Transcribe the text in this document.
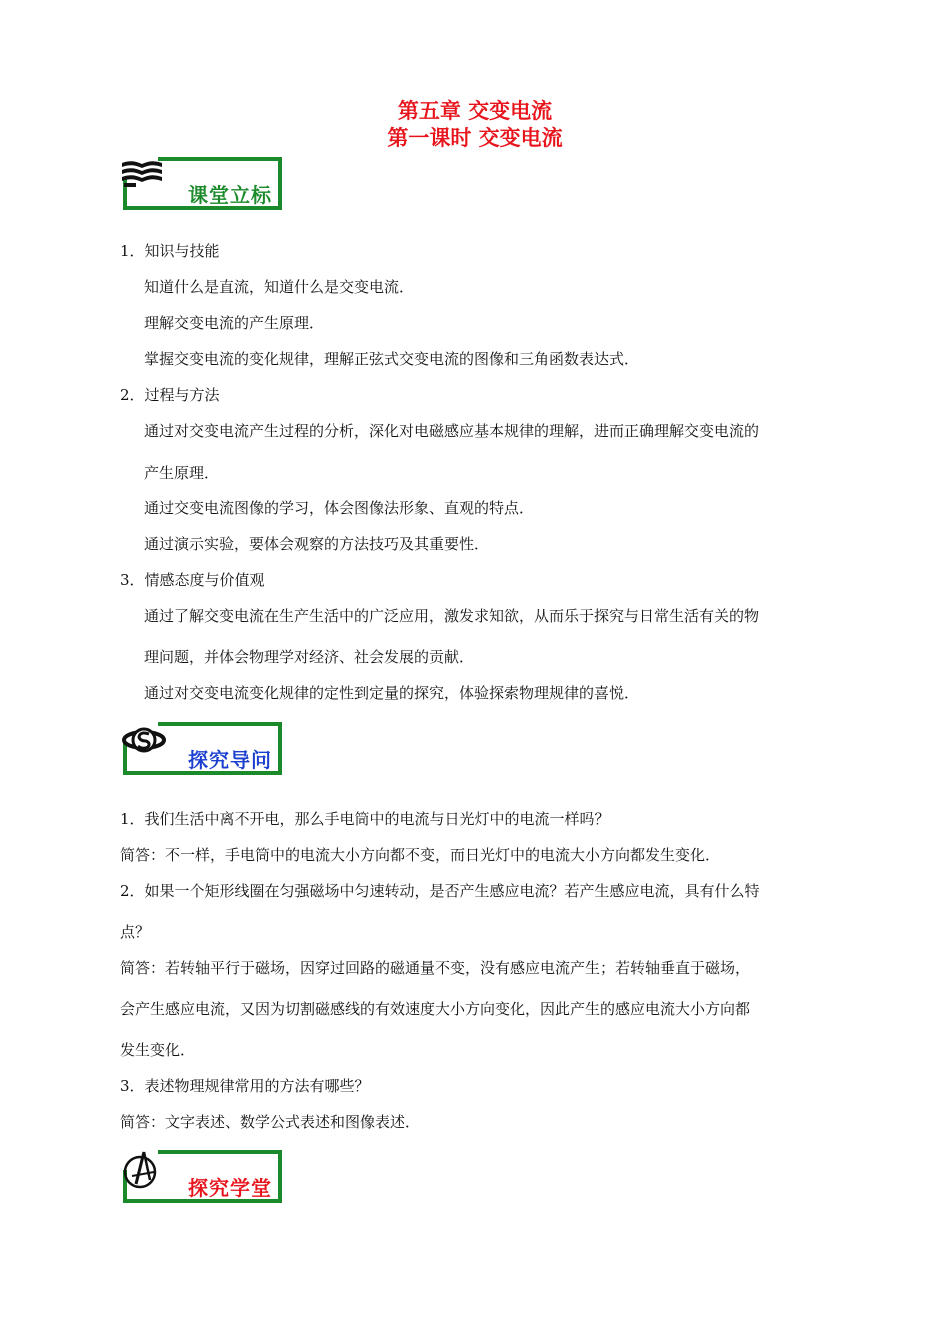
第五章 交变电流
第一课时 交变电流
课堂立标
1．知识与技能
知道什么是直流，知道什么是交变电流．
理解交变电流的产生原理．
掌握交变电流的变化规律，理解正弦式交变电流的图像和三角函数表达式．
2．过程与方法
通过对交变电流产生过程的分析，深化对电磁感应基本规律的理解，进而正确理解交变电流的
产生原理．
通过交变电流图像的学习，体会图像法形象、直观的特点．
通过演示实验，要体会观察的方法技巧及其重要性．
3．情感态度与价值观
通过了解交变电流在生产生活中的广泛应用，激发求知欲，从而乐于探究与日常生活有关的物
理问题，并体会物理学对经济、社会发展的贡献．
通过对交变电流变化规律的定性到定量的探究，体验探索物理规律的喜悦．
探究导问
1．我们生活中离不开电，那么手电筒中的电流与日光灯中的电流一样吗？
简答：不一样，手电筒中的电流大小方向都不变，而日光灯中的电流大小方向都发生变化．
2．如果一个矩形线圈在匀强磁场中匀速转动，是否产生感应电流？若产生感应电流，具有什么特
点？
简答：若转轴平行于磁场，因穿过回路的磁通量不变，没有感应电流产生；若转轴垂直于磁场，
会产生感应电流，又因为切割磁感线的有效速度大小方向变化，因此产生的感应电流大小方向都
发生变化．
3．表述物理规律常用的方法有哪些？
简答：文字表述、数学公式表述和图像表述．
探究学堂
